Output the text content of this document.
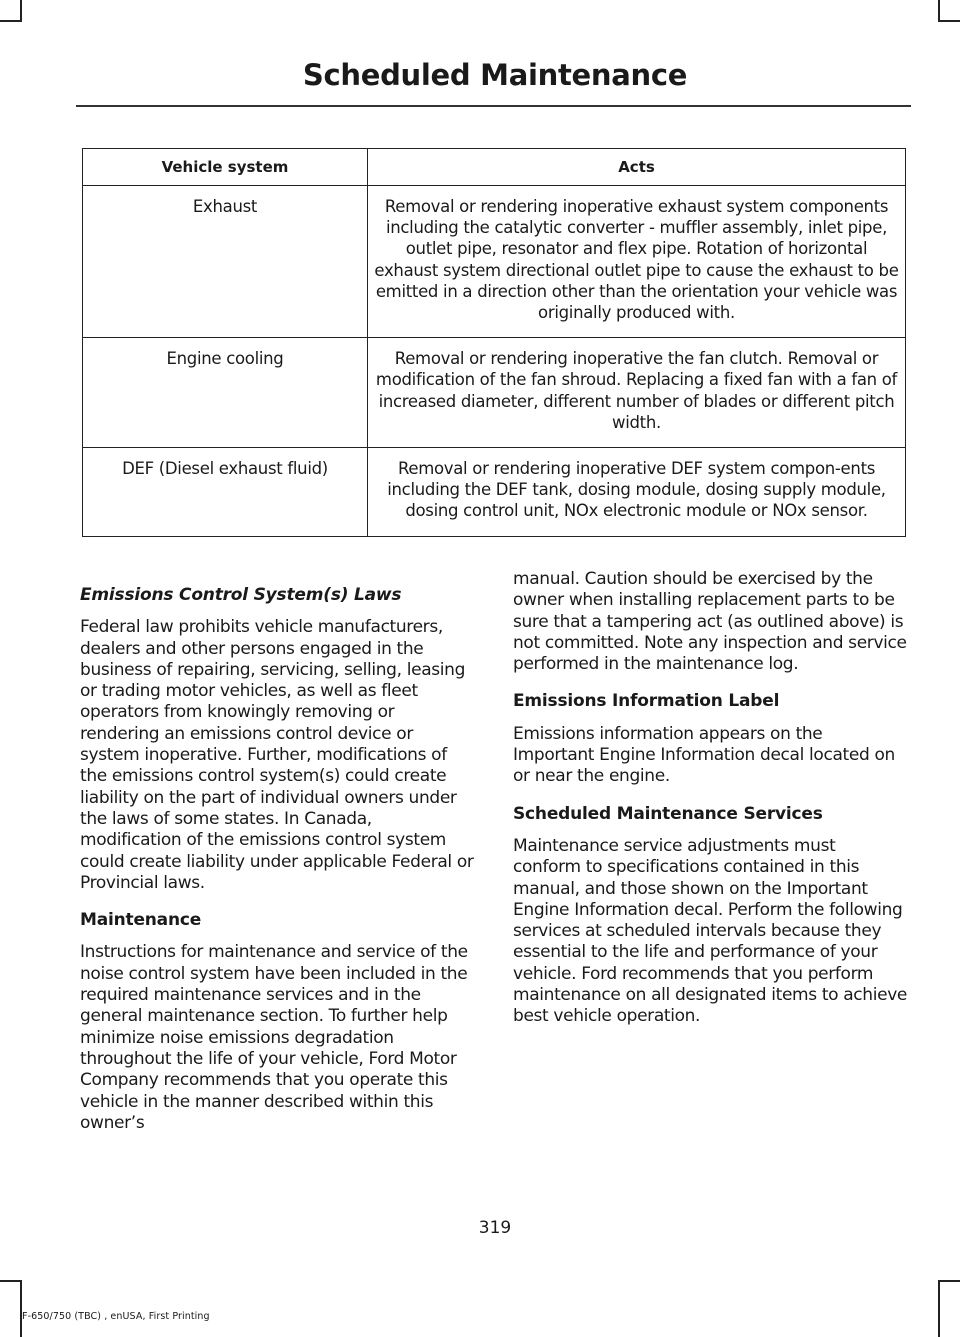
Scheduled Maintenance
Vehicle system	Acts
Exhaust	Removal or rendering inoperative exhaust system components including the catalytic converter - muffler assembly, inlet pipe, outlet pipe, resonator and flex pipe. Rotation of horizontal exhaust system directional outlet pipe to cause the exhaust to be emitted in a direction other than the orientation your vehicle was originally produced with.
Engine cooling	Removal or rendering inoperative the fan clutch. Removal or modification of the fan shroud. Replacing a fixed fan with a fan of increased diameter, different number of blades or different pitch width.
DEF (Diesel exhaust fluid)	Removal or rendering inoperative DEF system compon-ents including the DEF tank, dosing module, dosing supply module, dosing control unit, NOx electronic module or NOx sensor.
Emissions Control System(s) Laws

Federal law prohibits vehicle manufacturers, dealers and other persons engaged in the business of repairing, servicing, selling, leasing or trading motor vehicles, as well as fleet operators from knowingly removing or rendering an emissions control device or system inoperative. Further, modifications of the emissions control system(s) could create liability on the part of individual owners under the laws of some states. In Canada, modification of the emissions control system could create liability under applicable Federal or Provincial laws.

Maintenance

Instructions for maintenance and service of the noise control system have been included in the required maintenance services and in the general maintenance section. To further help minimize noise emissions degradation throughout the life of your vehicle, Ford Motor Company recommends that you operate this vehicle in the manner described within this owner’s

manual. Caution should be exercised by the owner when installing replacement parts to be sure that a tampering act (as outlined above) is not committed. Note any inspection and service performed in the maintenance log.

Emissions Information Label

Emissions information appears on the Important Engine Information decal located on or near the engine.

Scheduled Maintenance Services

Maintenance service adjustments must conform to specifications contained in this manual, and those shown on the Important Engine Information decal. Perform the following services at scheduled intervals because they essential to the life and performance of your vehicle. Ford recommends that you perform maintenance on all designated items to achieve best vehicle operation.

319
F-650/750 (TBC) , enUSA, First Printing
